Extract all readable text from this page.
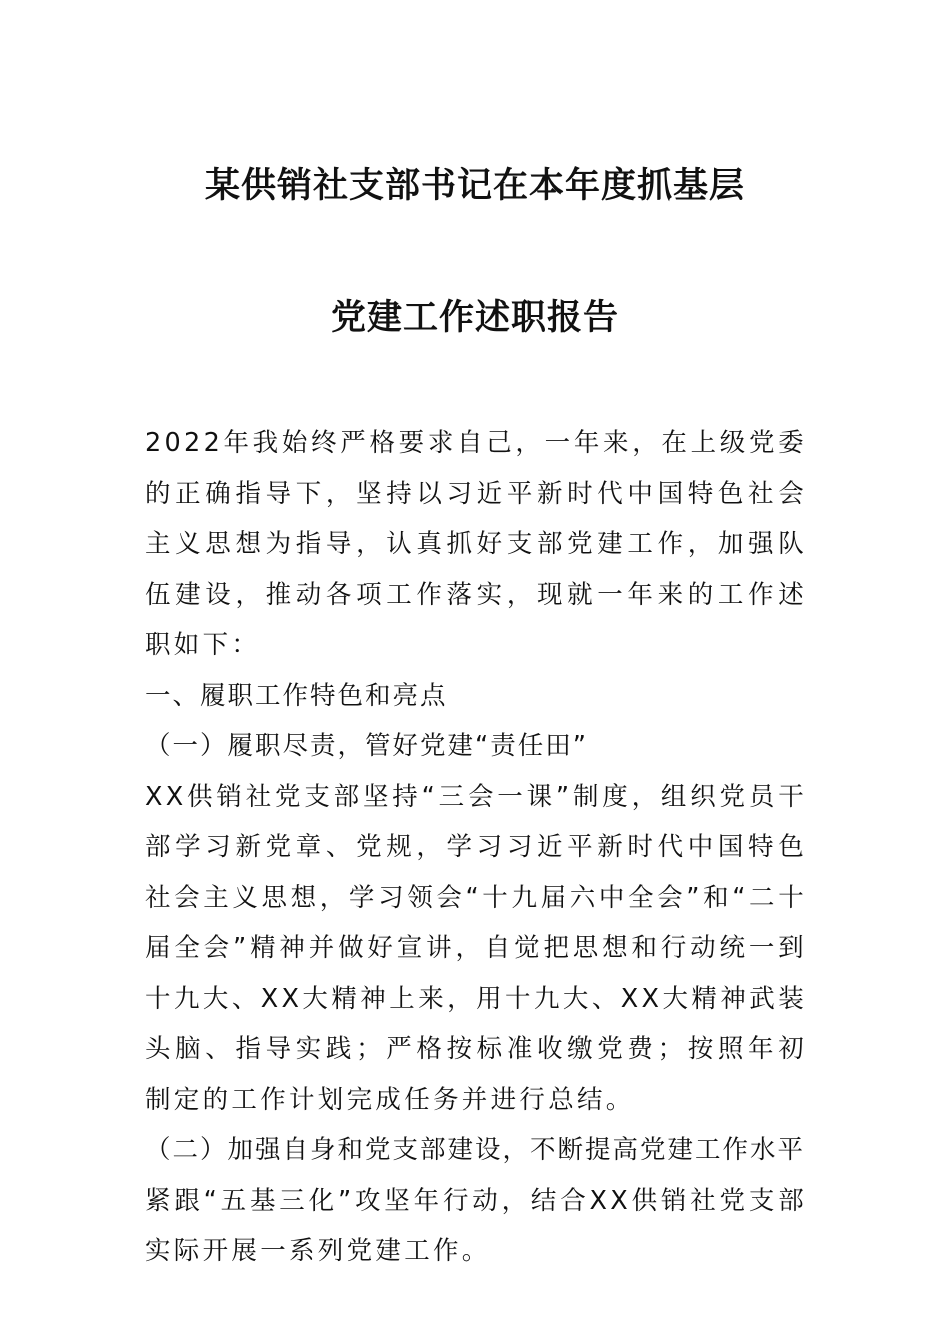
某供销社支部书记在本年度抓基层
党建工作述职报告

2022年我始终严格要求自己，一年来，在上级党委的正确指导下，坚持以习近平新时代中国特色社会主义思想为指导，认真抓好支部党建工作，加强队伍建设，推动各项工作落实，现就一年来的工作述职如下：

一、履职工作特色和亮点

（一）履职尽责，管好党建“责任田”

XX供销社党支部坚持“三会一课”制度，组织党员干部学习新党章、党规，学习习近平新时代中国特色社会主义思想，学习领会“十九届六中全会”和“二十届全会”精神并做好宣讲，自觉把思想和行动统一到十九大、XX大精神上来，用十九大、XX大精神武装头脑、指导实践；严格按标准收缴党费；按照年初制定的工作计划完成任务并进行总结。

（二）加强自身和党支部建设，不断提高党建工作水平

紧跟“五基三化”攻坚年行动，结合XX供销社党支部实际开展一系列党建工作。
